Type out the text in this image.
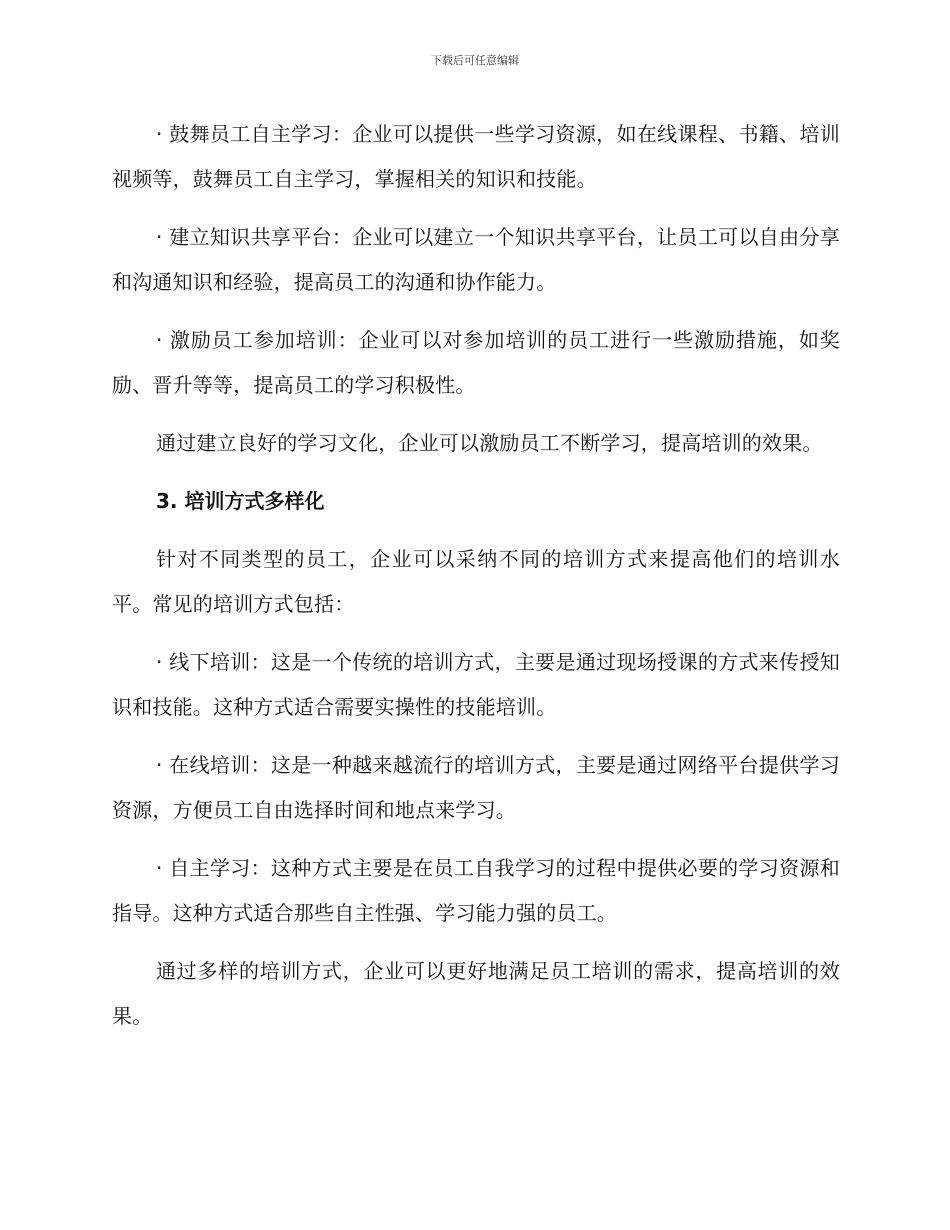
下载后可任意编辑

· 鼓舞员工自主学习：企业可以提供一些学习资源，如在线课程、书籍、培训视频等，鼓舞员工自主学习，掌握相关的知识和技能。

· 建立知识共享平台：企业可以建立一个知识共享平台，让员工可以自由分享和沟通知识和经验，提高员工的沟通和协作能力。

· 激励员工参加培训：企业可以对参加培训的员工进行一些激励措施，如奖励、晋升等等，提高员工的学习积极性。

通过建立良好的学习文化，企业可以激励员工不断学习，提高培训的效果。

3. 培训方式多样化

针对不同类型的员工，企业可以采纳不同的培训方式来提高他们的培训水平。常见的培训方式包括：

· 线下培训：这是一个传统的培训方式，主要是通过现场授课的方式来传授知识和技能。这种方式适合需要实操性的技能培训。

· 在线培训：这是一种越来越流行的培训方式，主要是通过网络平台提供学习资源，方便员工自由选择时间和地点来学习。

· 自主学习：这种方式主要是在员工自我学习的过程中提供必要的学习资源和指导。这种方式适合那些自主性强、学习能力强的员工。

通过多样的培训方式，企业可以更好地满足员工培训的需求，提高培训的效果。
